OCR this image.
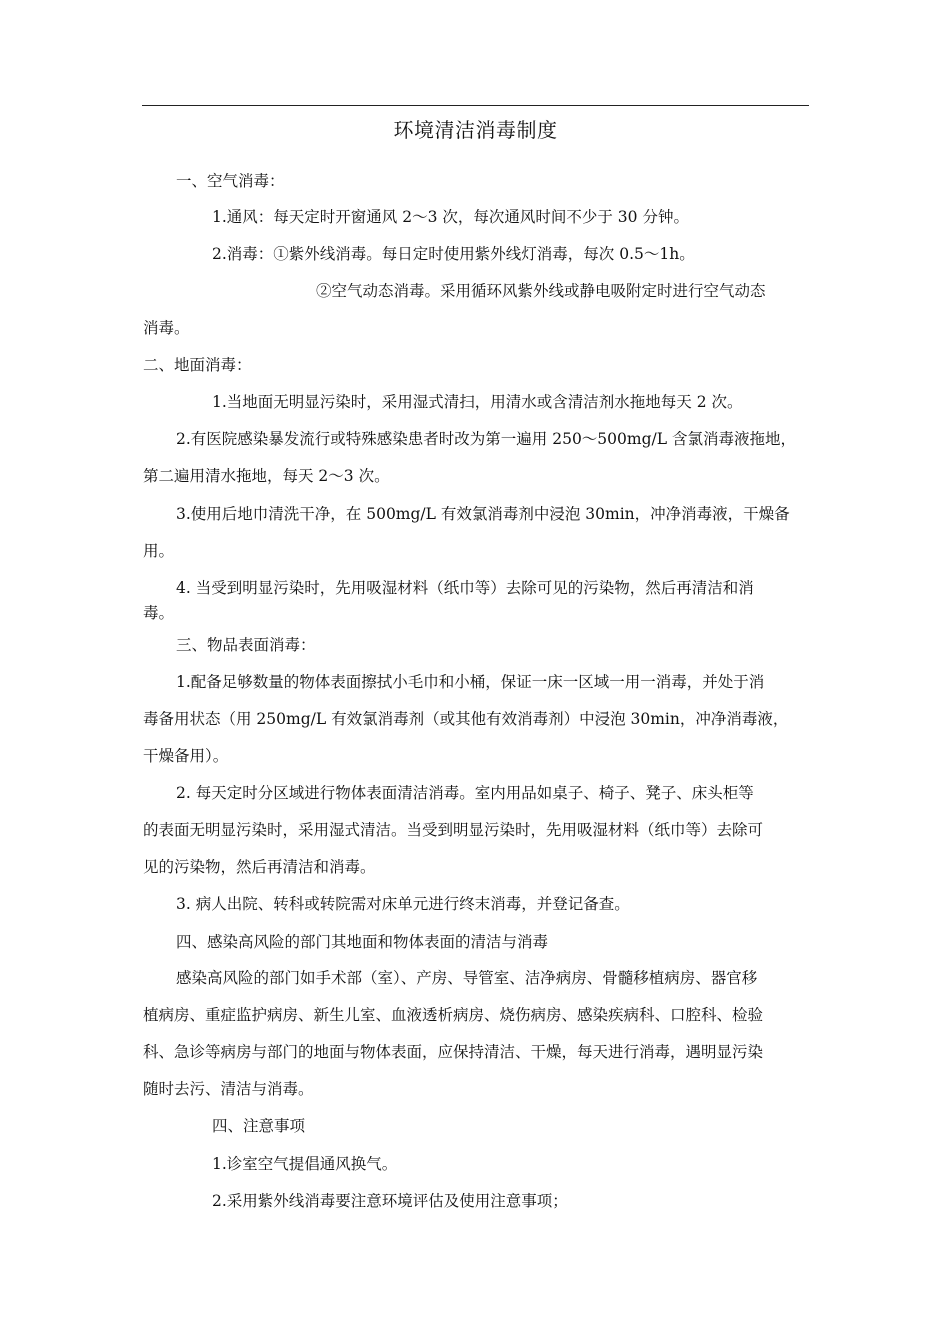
环境清洁消毒制度
一、空气消毒：
1.通风：每天定时开窗通风 2～3 次，每次通风时间不少于 30 分钟。
2.消毒：①紫外线消毒。每日定时使用紫外线灯消毒，每次 0.5～1h。
②空气动态消毒。采用循环风紫外线或静电吸附定时进行空气动态
消毒。
二、地面消毒：
1.当地面无明显污染时，采用湿式清扫，用清水或含清洁剂水拖地每天 2 次。
2.有医院感染暴发流行或特殊感染患者时改为第一遍用 250～500mg/L 含氯消毒液拖地，
第二遍用清水拖地，每天 2～3 次。
3.使用后地巾清洗干净，在 500mg/L 有效氯消毒剂中浸泡 30min，冲净消毒液，干燥备
用。
4. 当受到明显污染时，先用吸湿材料（纸巾等）去除可见的污染物，然后再清洁和消
毒。
三、物品表面消毒：
1.配备足够数量的物体表面擦拭小毛巾和小桶，保证一床一区域一用一消毒，并处于消
毒备用状态（用 250mg/L 有效氯消毒剂（或其他有效消毒剂）中浸泡 30min，冲净消毒液，
干燥备用）。
2. 每天定时分区域进行物体表面清洁消毒。室内用品如桌子、椅子、凳子、床头柜等
的表面无明显污染时，采用湿式清洁。当受到明显污染时，先用吸湿材料（纸巾等）去除可
见的污染物，然后再清洁和消毒。
3. 病人出院、转科或转院需对床单元进行终末消毒，并登记备查。
四、感染高风险的部门其地面和物体表面的清洁与消毒
感染高风险的部门如手术部（室）、产房、导管室、洁净病房、骨髓移植病房、器官移
植病房、重症监护病房、新生儿室、血液透析病房、烧伤病房、感染疾病科、口腔科、检验
科、急诊等病房与部门的地面与物体表面，应保持清洁、干燥，每天进行消毒，遇明显污染
随时去污、清洁与消毒。
四、注意事项
1.诊室空气提倡通风换气。
2.采用紫外线消毒要注意环境评估及使用注意事项；
